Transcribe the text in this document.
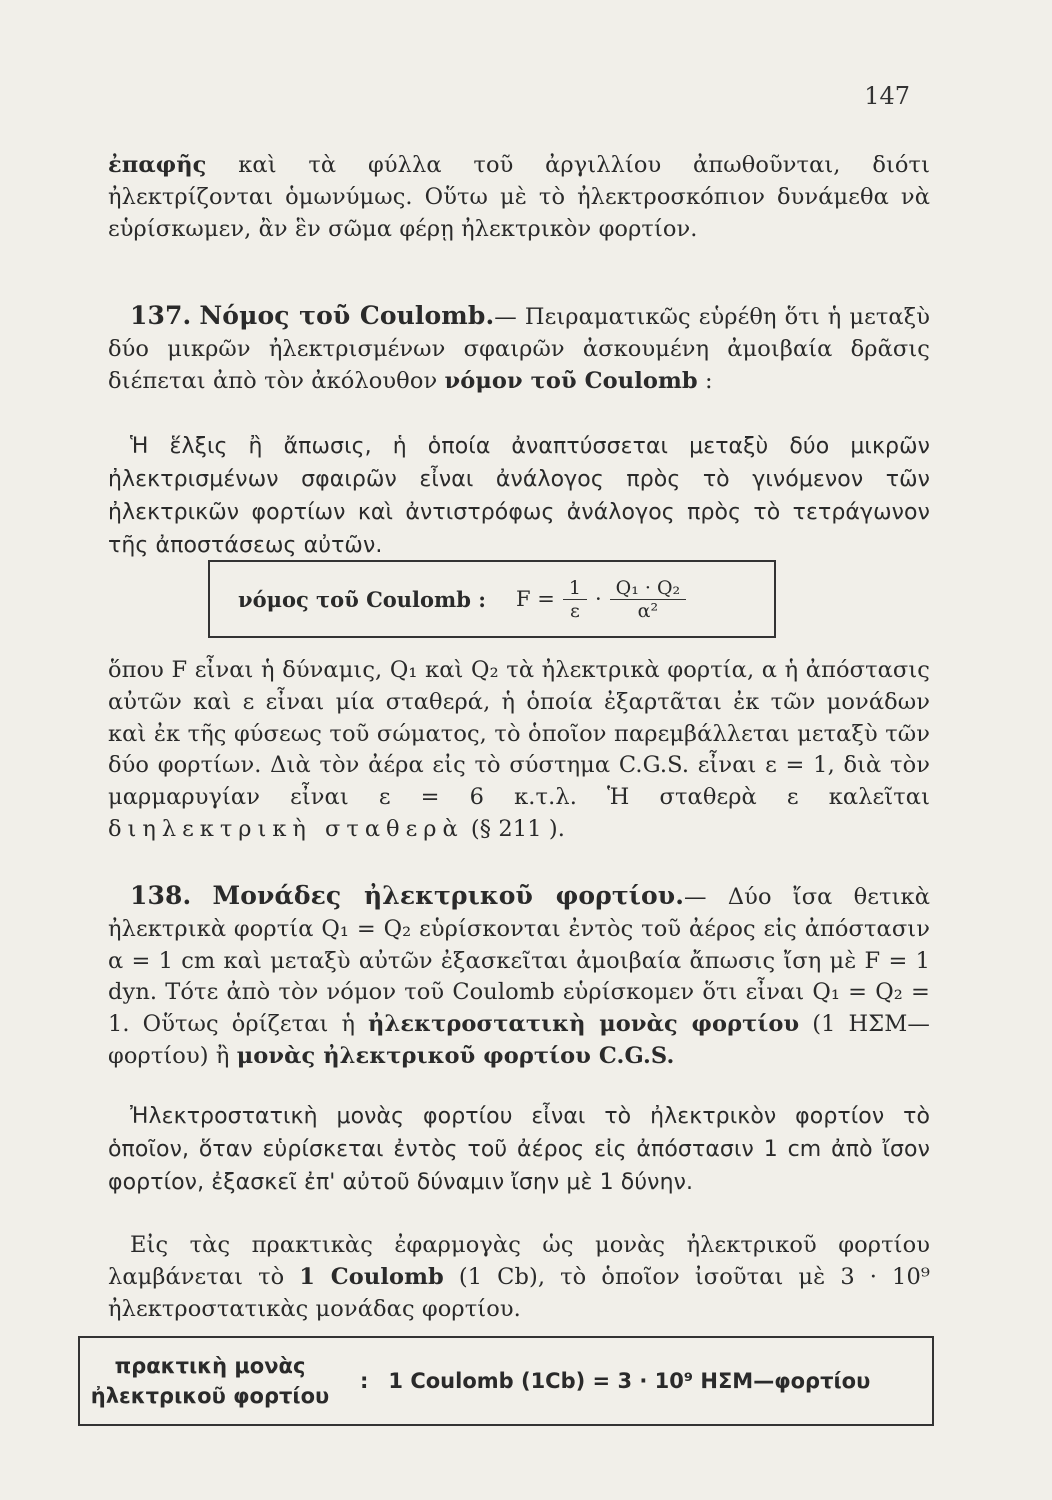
147
ἐπαφῆς καὶ τὰ φύλλα τοῦ ἀργιλλίου ἀπωθοῦνται, διότι ἠλεκτρίζονται ὁμωνύμως. Οὕτω μὲ τὸ ἠλεκτροσκόπιον δυνάμεθα νὰ εὑρίσκωμεν, ἂν ἓν σῶμα φέρῃ ἠλεκτρικὸν φορτίον.
137. Νόμος τοῦ Coulomb.— Πειραματικῶς εὑρέθη ὅτι ἡ μεταξὺ δύο μικρῶν ἠλεκτρισμένων σφαιρῶν ἀσκουμένη ἀμοιβαία δρᾶσις διέπεται ἀπὸ τὸν ἀκόλουθον νόμον τοῦ Coulomb :
Ἡ ἕλξις ἢ ἄπωσις, ἡ ὁποία ἀναπτύσσεται μεταξὺ δύο μικρῶν ἠλεκτρισμένων σφαιρῶν εἶναι ἀνάλογος πρὸς τὸ γινόμενον τῶν ἠλεκτρικῶν φορτίων καὶ ἀντιστρόφως ἀνάλογος πρὸς τὸ τετράγωνον τῆς ἀποστάσεως αὐτῶν.
νόμος τοῦ Coulomb : $F = \frac{1}{\varepsilon} \cdot \frac{\text{Q₁ · Q₂}}{\text{α²}}$
ὅπου F εἶναι ἡ δύναμις, Q₁ καὶ Q₂ τὰ ἠλεκτρικὰ φορτία, α ἡ ἀπόστασις αὐτῶν καὶ ε εἶναι μία σταθερά, ἡ ὁποία ἐξαρτᾶται ἐκ τῶν μονάδων καὶ ἐκ τῆς φύσεως τοῦ σώματος, τὸ ὁποῖον παρεμβάλλεται μεταξὺ τῶν δύο φορτίων. Διὰ τὸν ἀέρα εἰς τὸ σύστημα C.G.S. εἶναι ε = 1, διὰ τὸν μαρμαρυγίαν εἶναι ε = 6 κ.τ.λ. Ἡ σταθερὰ ε καλεῖται διηλεκτρικὴ σταθερὰ (§ 211 ).
138. Μονάδες ἠλεκτρικοῦ φορτίου.— Δύο ἴσα θετικὰ ἠλεκτρικὰ φορτία Q₁ = Q₂ εὑρίσκονται ἐντὸς τοῦ ἀέρος εἰς ἀπόστασιν α = 1 cm καὶ μεταξὺ αὐτῶν ἐξασκεῖται ἀμοιβαία ἄπωσις ἴση μὲ F = 1 dyn. Τότε ἀπὸ τὸν νόμον τοῦ Coulomb εὑρίσκομεν ὅτι εἶναι Q₁ = Q₂ = 1. Οὕτως ὁρίζεται ἡ ἠλεκτροστατικὴ μονὰς φορτίου (1 ΗΣΜ—φορτίου) ἢ μονὰς ἠλεκτρικοῦ φορτίου C.G.S.
Ἠλεκτροστατικὴ μονὰς φορτίου εἶναι τὸ ἠλεκτρικὸν φορτίον τὸ ὁποῖον, ὅταν εὑρίσκεται ἐντὸς τοῦ ἀέρος εἰς ἀπόστασιν 1 cm ἀπὸ ἴσον φορτίον, ἐξασκεῖ ἐπ' αὐτοῦ δύναμιν ἴσην μὲ 1 δύνην.
Εἰς τὰς πρακτικὰς ἐφαρμογὰς ὡς μονὰς ἠλεκτρικοῦ φορτίου λαμβάνεται τὸ 1 Coulomb (1 Cb), τὸ ὁποῖον ἰσοῦται μὲ 3 · 10⁹ ἠλεκτροστατικὰς μονάδας φορτίου.
πρακτικὴ μονὰς ἠλεκτρικοῦ φορτίου
: 1 Coulomb (1Cb) = 3 · 10⁹ ΗΣΜ—φορτίου
